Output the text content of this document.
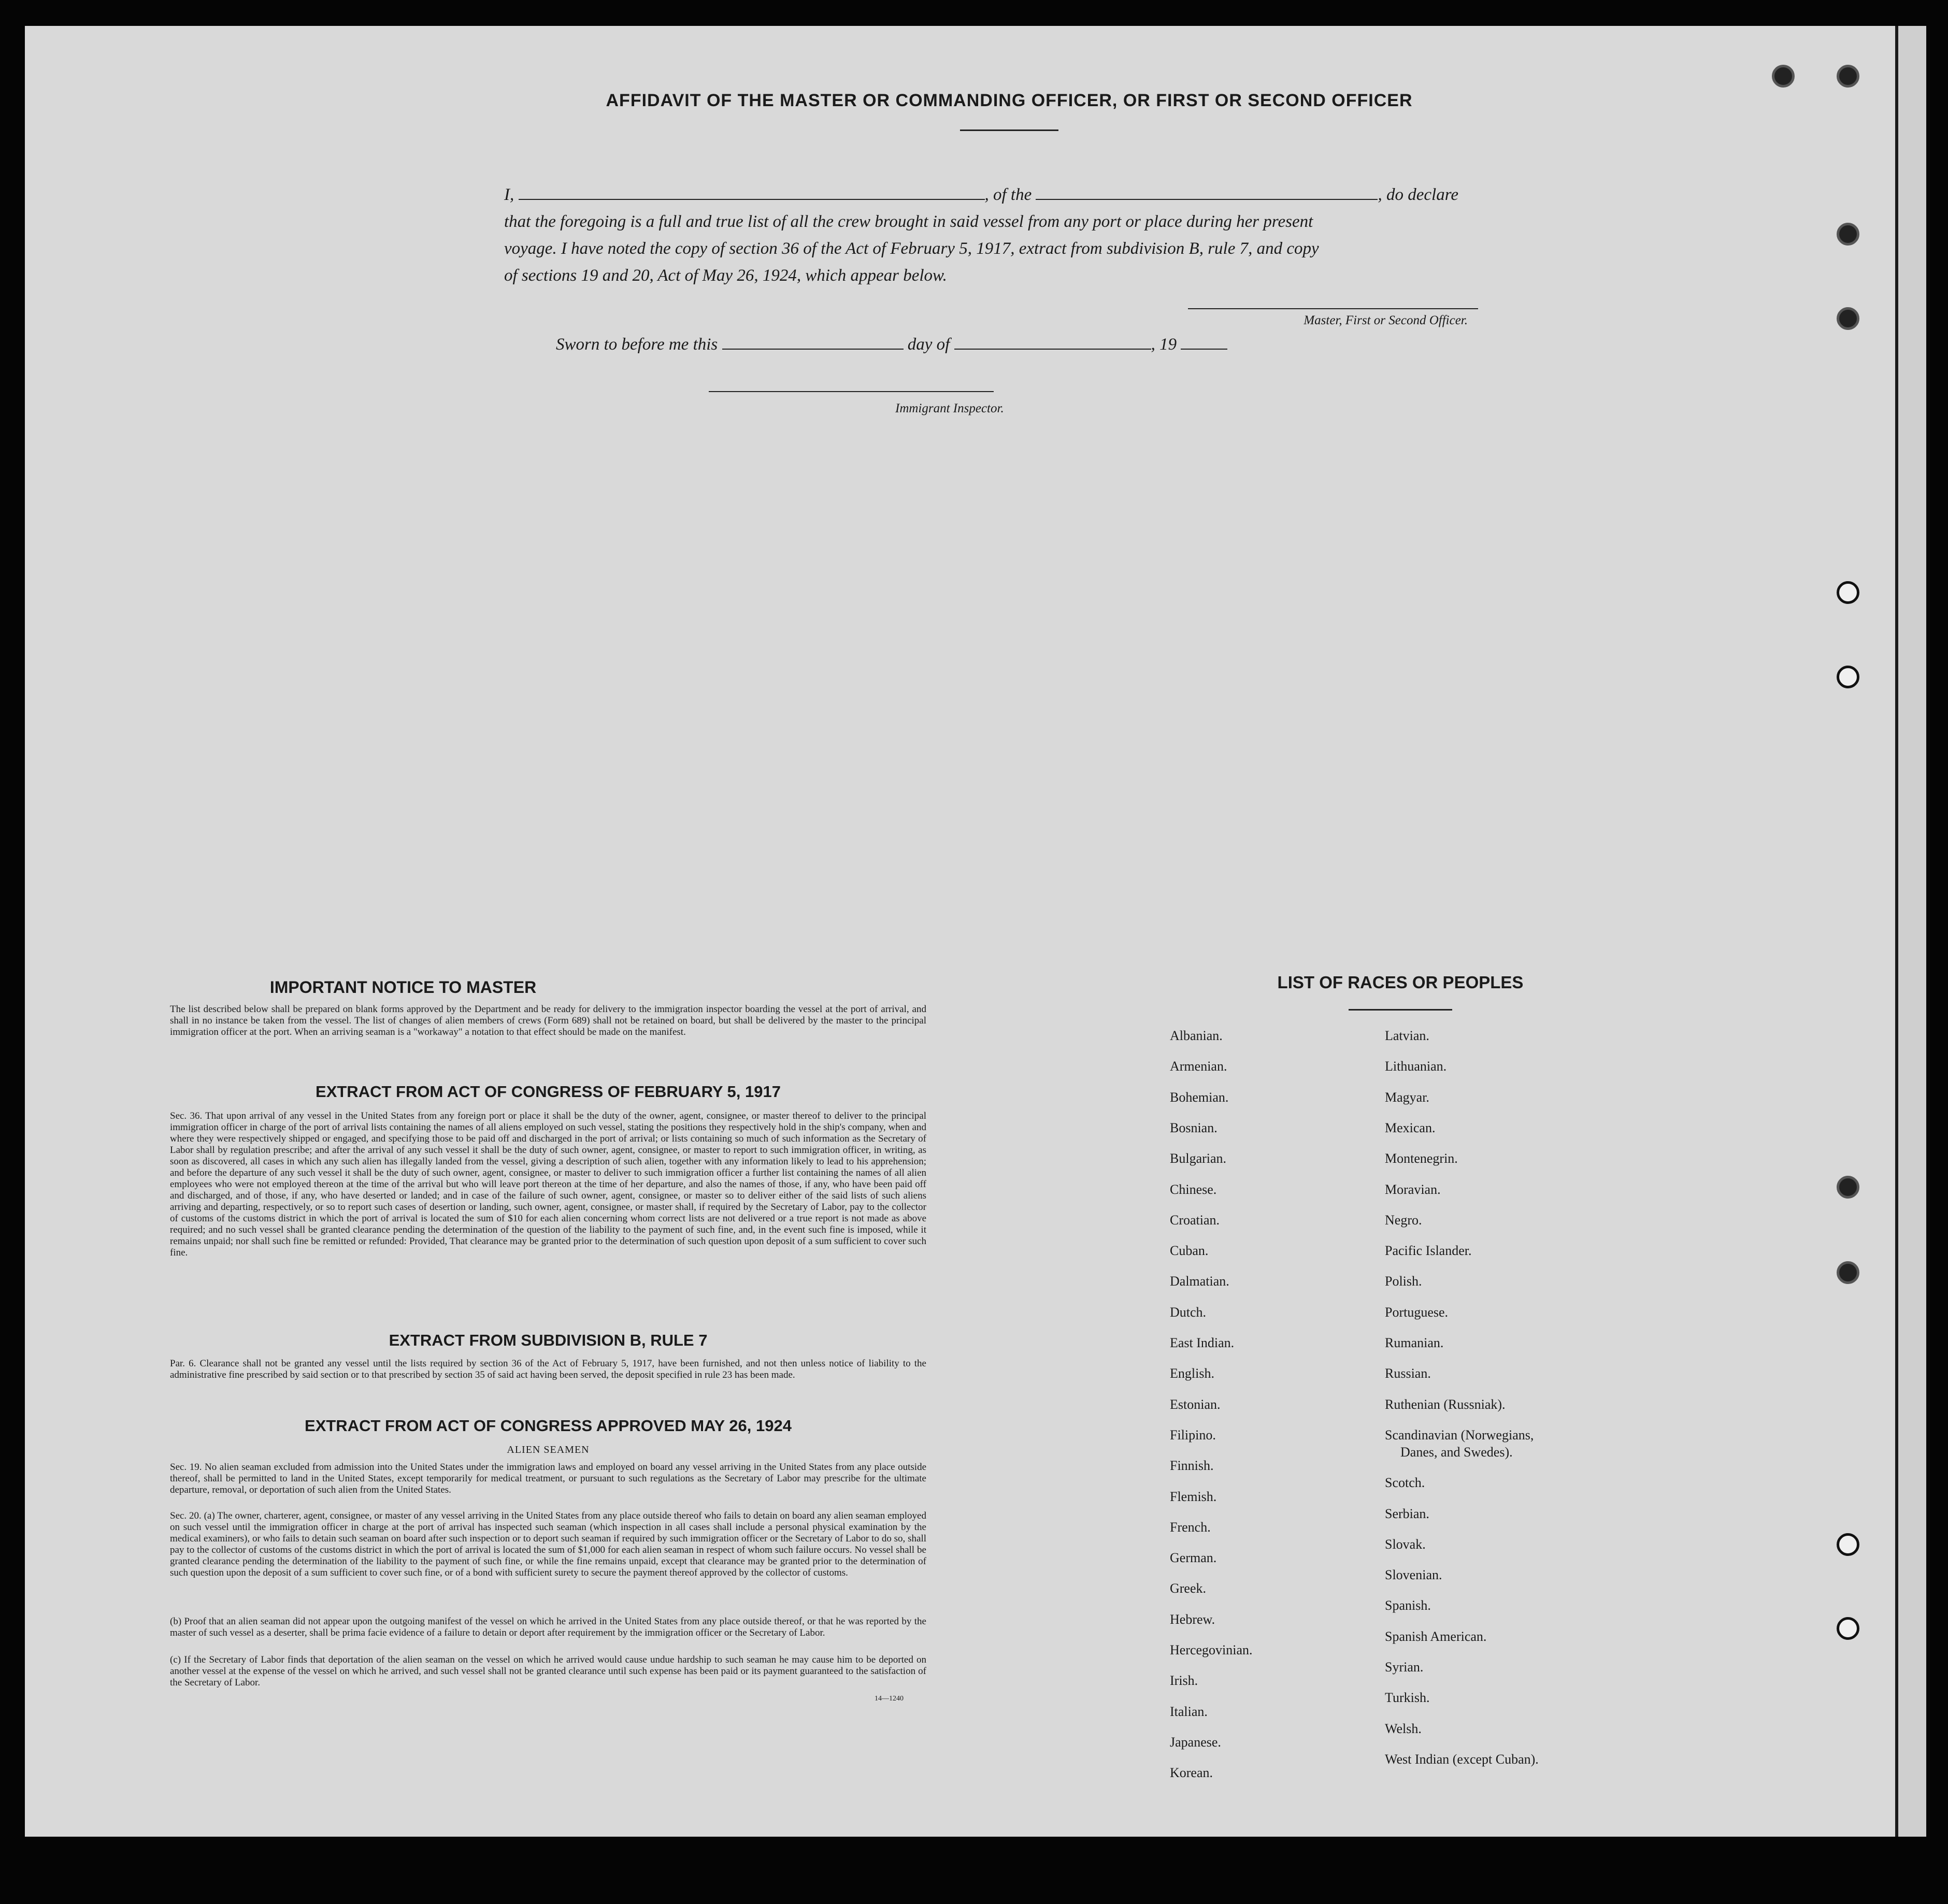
AFFIDAVIT OF THE MASTER OR COMMANDING OFFICER, OR FIRST OR SECOND OFFICER
I,	, of the	, do declare
that the foregoing is a full and true list of all the crew brought in said vessel from any port or place during her present
voyage. I have noted the copy of section 36 of the Act of February 5, 1917, extract from subdivision B, rule 7, and copy
of sections 19 and 20, Act of May 26, 1924, which appear below.
Master, First or Second Officer.
Sworn to before me this	day of	, 19
Immigrant Inspector.
IMPORTANT NOTICE TO MASTER
The list described below shall be prepared on blank forms approved by the Department and be ready for delivery to the immigration inspector boarding the vessel at the port of arrival, and shall in no instance be taken from the vessel. The list of changes of alien members of crews (Form 689) shall not be retained on board, but shall be delivered by the master to the principal immigration officer at the port. When an arriving seaman is a "workaway" a notation to that effect should be made on the manifest.
EXTRACT FROM ACT OF CONGRESS OF FEBRUARY 5, 1917
Sec. 36. That upon arrival of any vessel in the United States from any foreign port or place it shall be the duty of the owner, agent, consignee, or master thereof to deliver to the principal immigration officer in charge of the port of arrival lists containing the names of all aliens employed on such vessel, stating the positions they respectively hold in the ship's company, when and where they were respectively shipped or engaged, and specifying those to be paid off and discharged in the port of arrival; or lists containing so much of such information as the Secretary of Labor shall by regulation prescribe; and after the arrival of any such vessel it shall be the duty of such owner, agent, consignee, or master to report to such immigration officer, in writing, as soon as discovered, all cases in which any such alien has illegally landed from the vessel, giving a description of such alien, together with any information likely to lead to his apprehension; and before the departure of any such vessel it shall be the duty of such owner, agent, consignee, or master to deliver to such immigration officer a further list containing the names of all alien employees who were not employed thereon at the time of the arrival but who will leave port thereon at the time of her departure, and also the names of those, if any, who have been paid off and discharged, and of those, if any, who have deserted or landed; and in case of the failure of such owner, agent, consignee, or master so to deliver either of the said lists of such aliens arriving and departing, respectively, or so to report such cases of desertion or landing, such owner, agent, consignee, or master shall, if required by the Secretary of Labor, pay to the collector of customs of the customs district in which the port of arrival is located the sum of $10 for each alien concerning whom correct lists are not delivered or a true report is not made as above required; and no such vessel shall be granted clearance pending the determination of the question of the liability to the payment of such fine, and, in the event such fine is imposed, while it remains unpaid; nor shall such fine be remitted or refunded: Provided, That clearance may be granted prior to the determination of such question upon deposit of a sum sufficient to cover such fine.
EXTRACT FROM SUBDIVISION B, RULE 7
Par. 6. Clearance shall not be granted any vessel until the lists required by section 36 of the Act of February 5, 1917, have been furnished, and not then unless notice of liability to the administrative fine prescribed by said section or to that prescribed by section 35 of said act having been served, the deposit specified in rule 23 has been made.
EXTRACT FROM ACT OF CONGRESS APPROVED MAY 26, 1924
ALIEN SEAMEN
Sec. 19. No alien seaman excluded from admission into the United States under the immigration laws and employed on board any vessel arriving in the United States from any place outside thereof, shall be permitted to land in the United States, except temporarily for medical treatment, or pursuant to such regulations as the Secretary of Labor may prescribe for the ultimate departure, removal, or deportation of such alien from the United States.
Sec. 20. (a) The owner, charterer, agent, consignee, or master of any vessel arriving in the United States from any place outside thereof who fails to detain on board any alien seaman employed on such vessel until the immigration officer in charge at the port of arrival has inspected such seaman (which inspection in all cases shall include a personal physical examination by the medical examiners), or who fails to detain such seaman on board after such inspection or to deport such seaman if required by such immigration officer or the Secretary of Labor to do so, shall pay to the collector of customs of the customs district in which the port of arrival is located the sum of $1,000 for each alien seaman in respect of whom such failure occurs. No vessel shall be granted clearance pending the determination of the liability to the payment of such fine, or while the fine remains unpaid, except that clearance may be granted prior to the determination of such question upon the deposit of a sum sufficient to cover such fine, or of a bond with sufficient surety to secure the payment thereof approved by the collector of customs.
(b) Proof that an alien seaman did not appear upon the outgoing manifest of the vessel on which he arrived in the United States from any place outside thereof, or that he was reported by the master of such vessel as a deserter, shall be prima facie evidence of a failure to detain or deport after requirement by the immigration officer or the Secretary of Labor.
(c) If the Secretary of Labor finds that deportation of the alien seaman on the vessel on which he arrived would cause undue hardship to such seaman he may cause him to be deported on another vessel at the expense of the vessel on which he arrived, and such vessel shall not be granted clearance until such expense has been paid or its payment guaranteed to the satisfaction of the Secretary of Labor.
14—1240
LIST OF RACES OR PEOPLES
Albanian.
Armenian.
Bohemian.
Bosnian.
Bulgarian.
Chinese.
Croatian.
Cuban.
Dalmatian.
Dutch.
East Indian.
English.
Estonian.
Filipino.
Finnish.
Flemish.
French.
German.
Greek.
Hebrew.
Hercegovinian.
Irish.
Italian.
Japanese.
Korean.
Latvian.
Lithuanian.
Magyar.
Mexican.
Montenegrin.
Moravian.
Negro.
Pacific Islander.
Polish.
Portuguese.
Rumanian.
Russian.
Ruthenian (Russniak).
Scandinavian (Norwegians,
Danes, and Swedes).
Scotch.
Serbian.
Slovak.
Slovenian.
Spanish.
Spanish American.
Syrian.
Turkish.
Welsh.
West Indian (except Cuban).
